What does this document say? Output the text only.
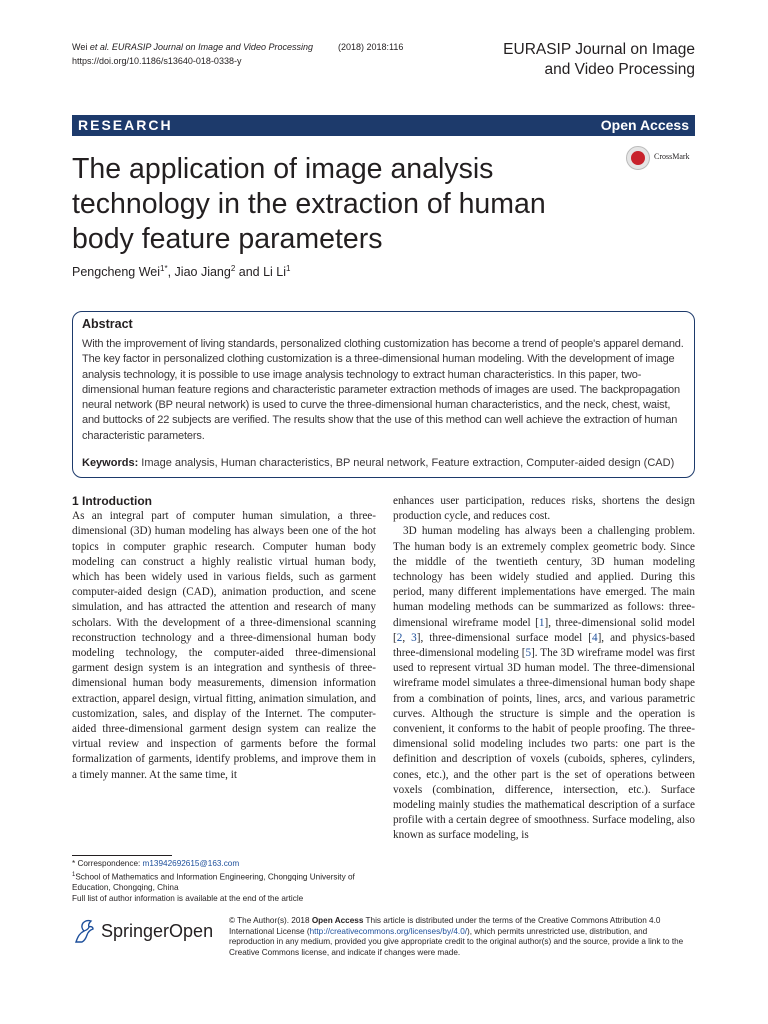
Wei et al. EURASIP Journal on Image and Video Processing	(2018) 2018:116
https://doi.org/10.1186/s13640-018-0338-y
EURASIP Journal on Image
and Video Processing
RESEARCH	Open Access
The application of image analysis technology in the extraction of human body feature parameters
CrossMark
Pengcheng Wei$^{1*}$, Jiao Jiang$^2$ and Li Li$^1$
Abstract
With the improvement of living standards, personalized clothing customization has become a trend of people's apparel demand. The key factor in personalized clothing customization is a three-dimensional human modeling. With the development of image analysis technology, it is possible to use image analysis technology to extract human characteristics. In this paper, two-dimensional human feature regions and characteristic parameter extraction methods of images are used. The backpropagation neural network (BP neural network) is used to curve the three-dimensional human characteristics, and the neck, chest, waist, and buttocks of 22 subjects are verified. The results show that the use of this method can well achieve the extraction of human characteristic parameters.
Keywords: Image analysis, Human characteristics, BP neural network, Feature extraction, Computer-aided design (CAD)
1 Introduction
As an integral part of computer human simulation, a three-dimensional (3D) human modeling has always been one of the hot topics in computer graphic research. Computer human body modeling can construct a highly realistic virtual human body, which has been widely used in various fields, such as garment computer-aided design (CAD), animation production, and scene simulation, and has attracted the attention and research of many scholars. With the development of a three-dimensional scanning reconstruction technology and a three-dimensional human body modeling technology, the computer-aided three-dimensional garment design system is an integration and synthesis of three-dimensional human body measurements, dimension information extraction, apparel design, virtual fitting, animation simulation, and customization, sales, and display of the Internet. The computer-aided three-dimensional garment design system can realize the virtual review and inspection of garments before the formal formalization of garments, identify problems, and improve them in a timely manner. At the same time, it
enhances user participation, reduces risks, shortens the design production cycle, and reduces cost.
3D human modeling has always been a challenging problem. The human body is an extremely complex geometric body. Since the middle of the twentieth century, 3D human modeling technology has been widely studied and applied. During this period, many different implementations have emerged. The main human modeling methods can be summarized as follows: three-dimensional wireframe model [1], three-dimensional solid model [2, 3], three-dimensional surface model [4], and physics-based three-dimensional modeling [5]. The 3D wireframe model was first used to represent virtual 3D human model. The three-dimensional wireframe model simulates a three-dimensional human body shape from a combination of points, lines, arcs, and various parametric curves. Although the structure is simple and the operation is convenient, it conforms to the habit of people proofing. The three-dimensional solid modeling includes two parts: one part is the definition and description of voxels (cuboids, spheres, cylinders, cones, etc.), and the other part is the set of operations between voxels (combination, difference, intersection, etc.). Surface modeling mainly studies the mathematical description of a surface profile with a certain degree of smoothness. Surface modeling, also known as surface modeling, is
* Correspondence: m13942692615@163.com
$^1$School of Mathematics and Information Engineering, Chongqing University of Education, Chongqing, China
Full list of author information is available at the end of the article
SpringerOpen
© The Author(s). 2018 Open Access This article is distributed under the terms of the Creative Commons Attribution 4.0 International License (http://creativecommons.org/licenses/by/4.0/), which permits unrestricted use, distribution, and reproduction in any medium, provided you give appropriate credit to the original author(s) and the source, provide a link to the Creative Commons license, and indicate if changes were made.
